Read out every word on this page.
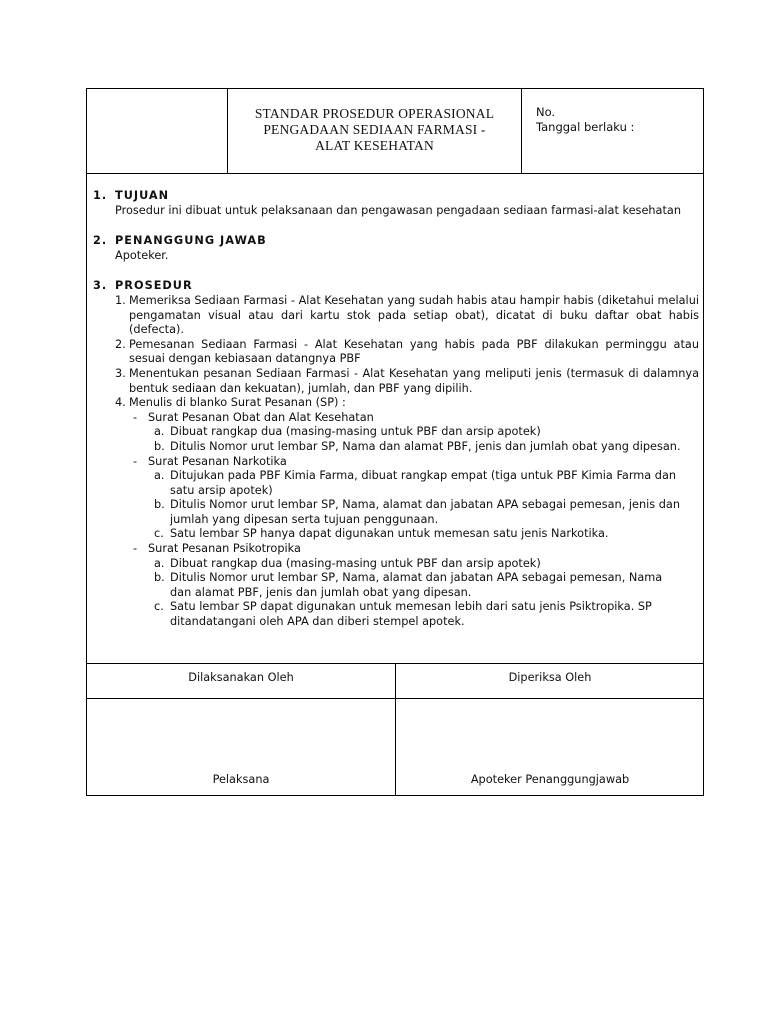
STANDAR PROSEDUR OPERASIONAL
PENGADAAN SEDIAAN FARMASI -
ALAT KESEHATAN
No.
Tanggal berlaku :
1. TUJUAN
Prosedur ini dibuat untuk pelaksanaan dan pengawasan pengadaan sediaan farmasi-alat kesehatan
2. PENANGGUNG JAWAB
Apoteker.
3. PROSEDUR
1. Memeriksa Sediaan Farmasi - Alat Kesehatan yang sudah habis atau hampir habis (diketahui melalui pengamatan visual atau dari kartu stok pada setiap obat), dicatat di buku daftar obat habis (defecta).
2. Pemesanan Sediaan Farmasi - Alat Kesehatan yang habis pada PBF dilakukan perminggu atau sesuai dengan kebiasaan datangnya PBF
3. Menentukan pesanan Sediaan Farmasi - Alat Kesehatan yang meliputi jenis (termasuk di dalamnya bentuk sediaan dan kekuatan), jumlah, dan PBF yang dipilih.
4. Menulis di blanko Surat Pesanan (SP) :
- Surat Pesanan Obat dan Alat Kesehatan
a. Dibuat rangkap dua (masing-masing untuk PBF dan arsip apotek)
b. Ditulis Nomor urut lembar SP, Nama dan alamat PBF, jenis dan jumlah obat yang dipesan.
- Surat Pesanan Narkotika
a. Ditujukan pada PBF Kimia Farma, dibuat rangkap empat (tiga untuk PBF Kimia Farma dan satu arsip apotek)
b. Ditulis Nomor urut lembar SP, Nama, alamat dan jabatan APA sebagai pemesan, jenis dan jumlah yang dipesan serta tujuan penggunaan.
c. Satu lembar SP hanya dapat digunakan untuk memesan satu jenis Narkotika.
- Surat Pesanan Psikotropika
a. Dibuat rangkap dua (masing-masing untuk PBF dan arsip apotek)
b. Ditulis Nomor urut lembar SP, Nama, alamat dan jabatan APA sebagai pemesan, Nama dan alamat PBF, jenis dan jumlah obat yang dipesan.
c. Satu lembar SP dapat digunakan untuk memesan lebih dari satu jenis Psiktropika. SP ditandatangani oleh APA dan diberi stempel apotek.
Dilaksanakan Oleh	Diperiksa Oleh
Pelaksana	Apoteker Penanggungjawab
